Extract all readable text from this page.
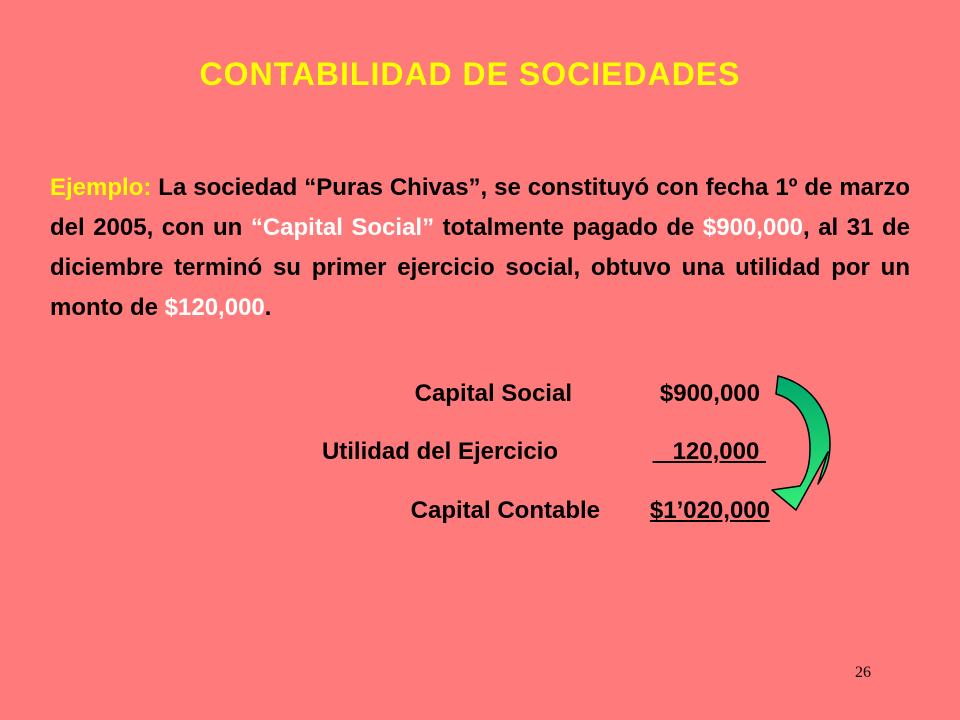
CONTABILIDAD DE SOCIEDADES
Ejemplo: La sociedad “Puras Chivas”, se constituyó con fecha 1º de marzo del 2005, con un “Capital Social” totalmente pagado de $900,000, al 31 de diciembre terminó su primer ejercicio social, obtuvo una utilidad por un monto de $120,000.
Capital Social	$900,000
Utilidad del Ejercicio	120,000
Capital Contable	$1’020,000
26
